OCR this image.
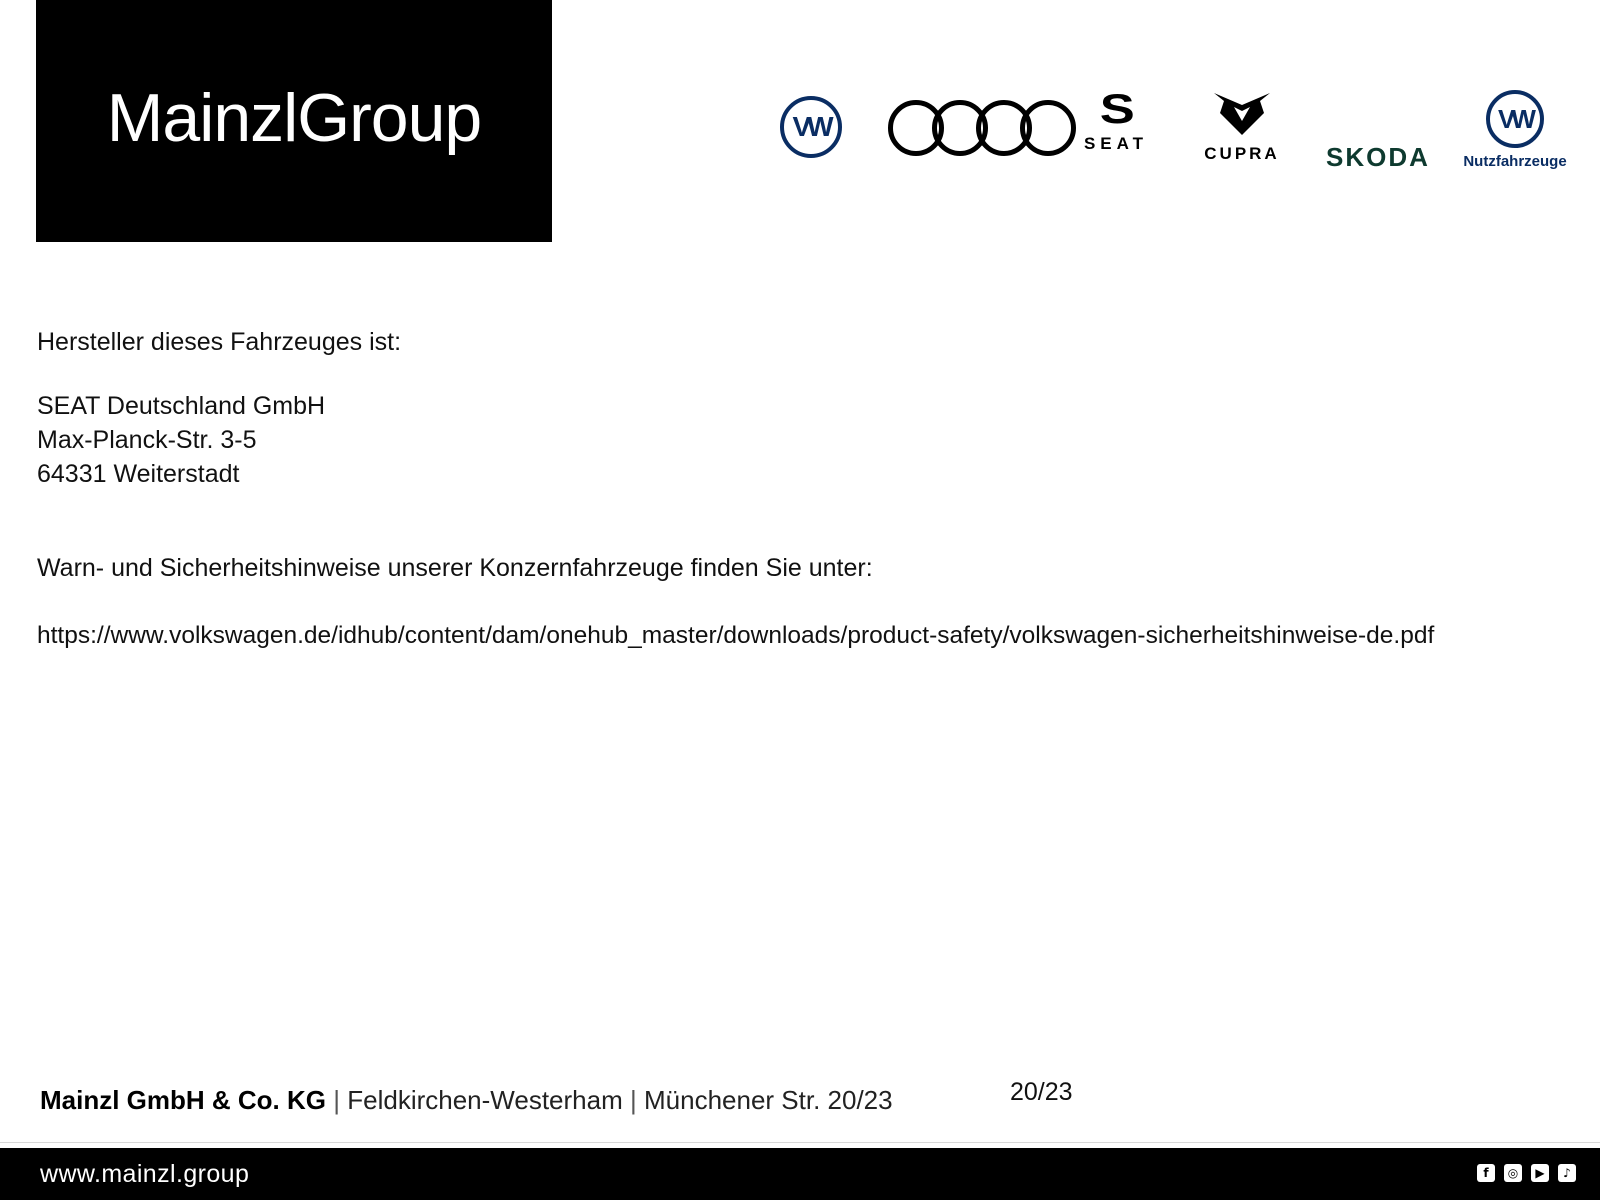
MainzlGroup	VW	S
SEAT
CUPRA	SKODA
VW
Nutzfahrzeuge
Hersteller dieses Fahrzeuges ist:
SEAT Deutschland GmbH
Max-Planck-Str. 3-5
64331 Weiterstadt
Warn- und Sicherheitshinweise unserer Konzernfahrzeuge finden Sie unter:
https://www.volkswagen.de/idhub/content/dam/onehub_master/downloads/product-safety/volkswagen-sicherheitshinweise-de.pdf
Mainzl GmbH & Co. KG | Feldkirchen-Westerham | Münchener Str. 20/23	20/23
www.mainzl.group	f	◎	▶	♪
